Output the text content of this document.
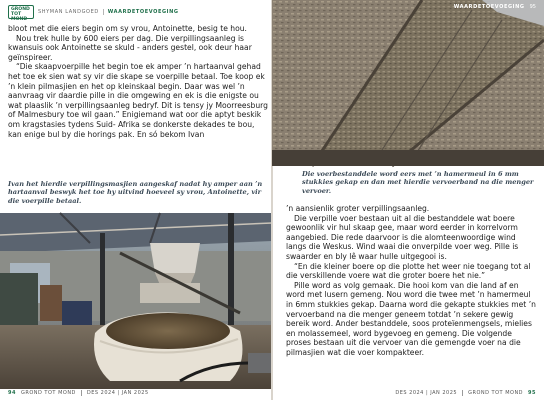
GROND TOT MOND
SHYMAN LANDGOED WAARDETOEVOEGING

bloot met die eiers begin om sy vrou, Antoinette, besig te hou.

Nou trek hulle by 600 eiers per dag. Die verpillingsaanleg is kwansuis ook Antoinette se skuld - anders gestel, ook deur haar geïnspireer.

“Die skaapvoerpille het begin toe ek amper ’n hartaanval gehad het toe ek sien wat sy vir die skape se voerpille betaal. Toe koop ek ’n klein pilmasjien en het op kleinskaal begin. Daar was wel ’n aanvraag vir daardie pille in die omgewing en ek is die enigste ou wat plaaslik ’n verpillingsaanleg bedryf. Dit is tensy jy Moorreesburg of Malmesbury toe wil gaan.” Enigiemand wat oor die aptyt beskik om kragstasies tydens Suid- Afrika se donkerste dekades te bou, kan enige bul by die horings pak. En só bekom Ivan

Ivan het hierdie verpillingsmasjien aangeskaf nadat hy amper aan ’n hartaanval beswyk het toe hy uitvind hoeveel sy vrou, Antoinette, vir die voerpille betaal.
94 GROND TOT MOND DES 2024 | JAN 2025
WAARDETOEVOEGING 95
Die voerbestanddele word eers met ’n hamermeul in 6 mm stukkies gekap en dan met hierdie vervoerband na die menger vervoer.

’n aansienlik groter verpillingsaanleg.

Die verpille voer bestaan uit al die bestanddele wat boere gewoonlik vir hul skaap gee, maar word eerder in korrelvorm aangebied. Die rede daarvoor is die alomteenwoordige wind langs die Weskus. Wind waai die onverpilde voer weg. Pille is swaarder en bly lê waar hulle uitgegooi is.

“En die kleiner boere op die plotte het weer nie toegang tot al die verskillende voere wat die groter boere het nie.”

Pille word as volg gemaak. Die hooi kom van die land af en word met lusern gemeng. Nou word die twee met ’n hamermeul in 6mm stukkies gekap. Daarna word die gekapte stukkies met ’n vervoerband na die menger geneem totdat ’n sekere gewig bereik word. Ander bestanddele, soos proteïenmengsels, mielies en molassemeel, word bygevoeg en gemeng. Die volgende proses bestaan uit die vervoer van die gemengde voer na die pilmasjien wat die voer kompakteer.

DES 2024 | JAN 2025 GROND TOT MOND 95
